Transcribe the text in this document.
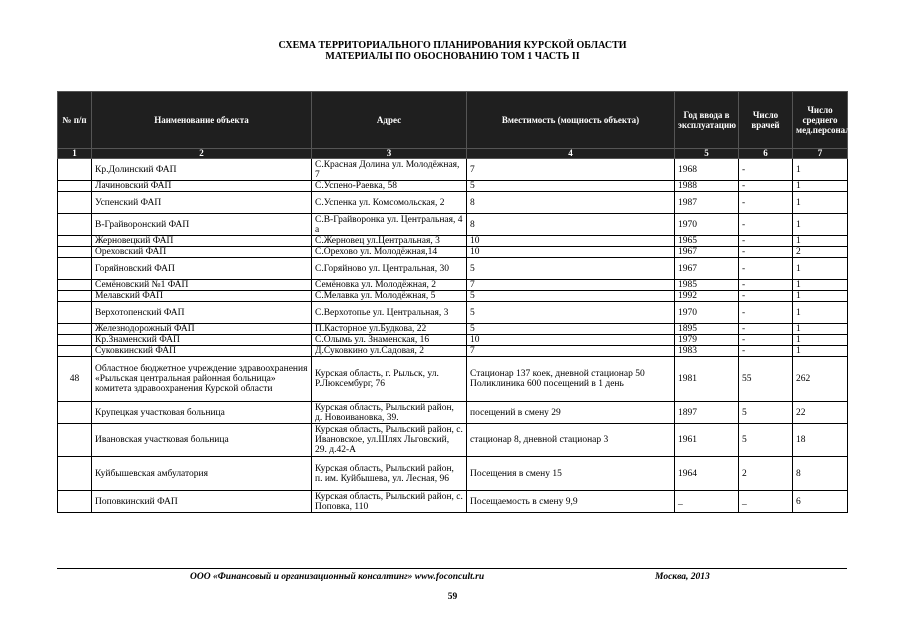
СХЕМА ТЕРРИТОРИАЛЬНОГО ПЛАНИРОВАНИЯ КУРСКОЙ ОБЛАСТИ
МАТЕРИАЛЫ ПО ОБОСНОВАНИЮ ТОМ 1 ЧАСТЬ II
№ п/п	Наименование объекта	Адрес	Вместимость (мощность объекта)	Год ввода в эксплуатацию	Число врачей	Число среднего мед.персонала
1	2	3	4	5	6	7
	Кр.Долинский ФАП	С.Красная Долина ул. Молодёжная, 7	7	1968	-	1
	Лачиновский ФАП	С.Успено-Раевка, 58	5	1988	-	1
	Успенский ФАП	С.Успенка ул. Комсомольская, 2	8	1987	-	1
	В-Грайворонский ФАП	С.В-Грайворонка ул. Центральная, 4 а	8	1970	-	1
	Жерновецкий ФАП	С.Жерновец ул.Центральная, 3	10	1965	-	1
	Ореховский ФАП	С.Орехово ул. Молодёжная,14	10	1967	-	2
	Горяйновский ФАП	С.Горяйново ул. Центральная, 30	5	1967	-	1
	Семёновский №1 ФАП	Семёновка ул. Молодёжная, 2	7	1985	-	1
	Мелавский ФАП	С.Мелавка ул. Молодёжная, 5	5	1992	-	1
	Верхотопенский ФАП	С.Верхотопье ул. Центральная, 3	5	1970	-	1
	Железнодорожный ФАП	П.Касторное ул.Будкова, 22	5	1895	-	1
	Кр.Знаменский ФАП	С.Олымь ул. Знаменская, 16	10	1979	-	1
	Суковкинский ФАП	Д.Суковкино ул.Садовая, 2	7	1983	-	1
48	Областное бюджетное учреждение здравоохранения «Рыльская центральная районная больница» комитета здравоохранения Курской области	Курская область, г. Рыльск, ул. Р.Люксембург, 76	Стационар 137 коек, дневной стационар 50 Поликлиника 600 посещений в 1 день	1981	55	262
	Крупецкая участковая больница	Курская область, Рыльский район, д. Новоивановка, 39.	посещений в смену 29	1897	5	22
	Ивановская участковая больница	Курская область, Рыльский район, с. Ивановское, ул.Шлях Льговский, 29. д.42-А	стационар 8, дневной стационар 3	1961	5	18
	Куйбышевская амбулатория	Курская область, Рыльский район, п. им. Куйбышева, ул. Лесная, 96	Посещения в смену 15	1964	2	8
	Поповкинский ФАП	Курская область, Рыльский район, с. Поповка, 110	Посещаемость в смену 9,9	_	_	6
ООО «Финансовый и организационный консалтинг» www.foconcult.ru	Москва, 2013
59
